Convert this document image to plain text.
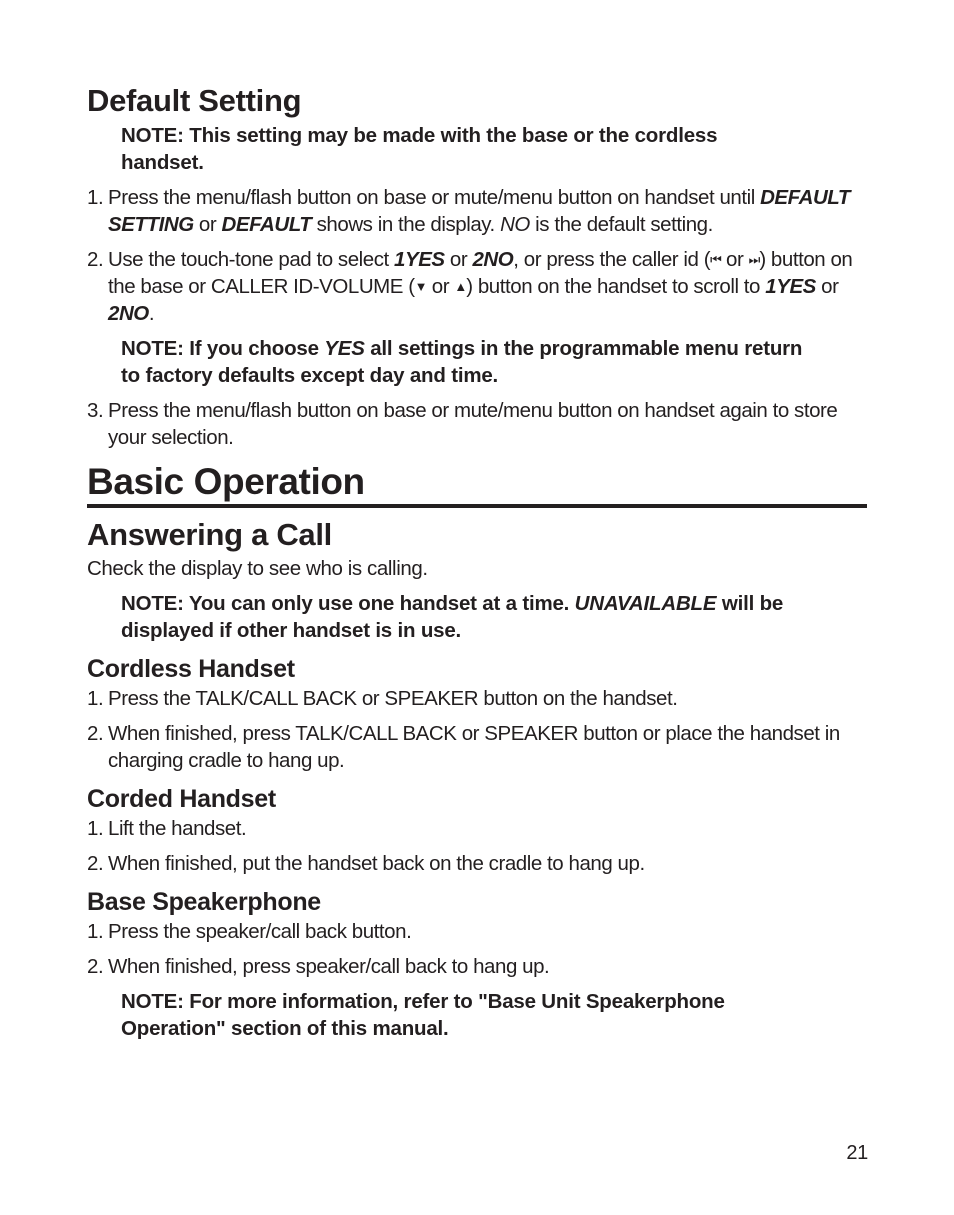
Default Setting

NOTE: This setting may be made with the base or the cordless handset.

1. Press the menu/flash button on base or mute/menu button on handset until DEFAULT SETTING or DEFAULT shows in the display. NO is the default setting.
2. Use the touch-tone pad to select 1YES or 2NO, or press the caller id (⏮ or ⏭) button on the base or CALLER ID-VOLUME (▼ or ▲) button on the handset to scroll to 1YES or 2NO.

NOTE: If you choose YES all settings in the programmable menu return to factory defaults except day and time.

3. Press the menu/flash button on base or mute/menu button on handset again to store your selection.
Basic Operation
Answering a Call

Check the display to see who is calling.

NOTE: You can only use one handset at a time. UNAVAILABLE will be displayed if other handset is in use.

Cordless Handset
1. Press the TALK/CALL BACK or SPEAKER button on the handset.
2. When finished, press TALK/CALL BACK or SPEAKER button or place the handset in charging cradle to hang up.
Corded Handset
1. Lift the handset.
2. When finished, put the handset back on the cradle to hang up.
Base Speakerphone
1. Press the speaker/call back button.
2. When finished, press speaker/call back to hang up.

NOTE: For more information, refer to "Base Unit Speakerphone Operation" section of this manual.

21
